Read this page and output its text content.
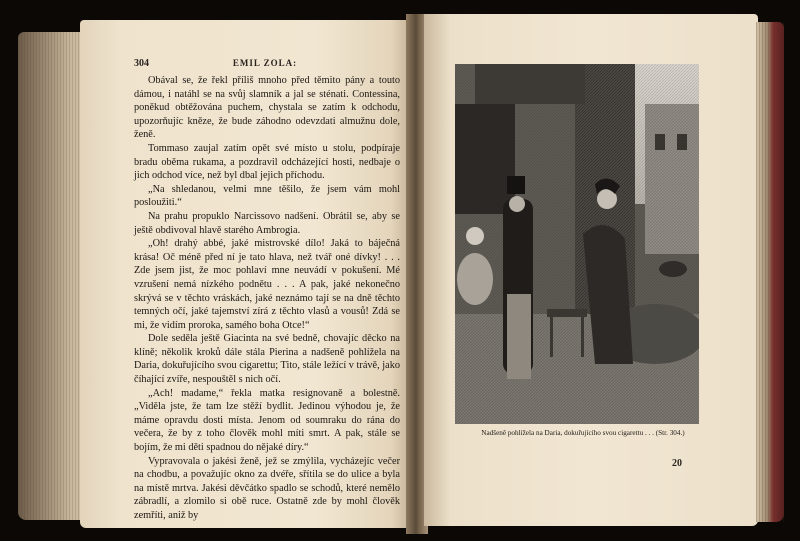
304	EMIL ZOLA:

Obával se, že řekl příliš mnoho před těmito pány a touto dámou, i natáhl se na svůj slamník a jal se sténati. Contessina, poněkud obtěžována puchem, chystala se zatím k odchodu, upozorňujíc kněze, že bude záhodno odevzdati almužnu dole, ženě.

Tommaso zaujal zatím opět své místo u stolu, podpíraje bradu oběma rukama, a pozdravil odcházející hosti, nedbaje o jich odchod více, než byl dbal jejich příchodu.

„Na shledanou, velmi mne těšilo, že jsem vám mohl posloužiti.“

Na prahu propuklo Narcissovo nadšení. Obrátil se, aby se ještě obdivoval hlavě starého Ambrogia.

„Oh! drahý abbé, jaké mistrovské dílo! Jaká to báječná krása! Oč méně před ní je tato hlava, než tvář oné dívky! . . . Zde jsem jist, že moc pohlaví mne neuvádí v pokušení. Mé vzrušení nemá nízkého podnětu . . . A pak, jaké nekonečno skrývá se v těchto vráskách, jaké neznámo tají se na dně těchto temných očí, jaké tajemství zírá z těchto vlasů a vousů! Zdá se mi, že vidím proroka, samého boha Otce!“

Dole seděla ještě Giacinta na své bedně, chovajíc děcko na klíně; několik kroků dále stála Pierina a nadšeně pohlížela na Daria, dokuřujícího svou cigarettu; Tito, stále ležící v trávě, jako číhající zvíře, nespouštěl s nich očí.

„Ach! madame,“ řekla matka resignovaně a bolestně. „Viděla jste, že tam lze stěží bydlit. Jedinou výhodou je, že máme opravdu dosti místa. Jenom od soumraku do rána do večera, že by z toho člověk mohl míti smrt. A pak, stále se bojím, že mi děti spadnou do nějaké díry.“

Vypravovala o jakési ženě, jež se zmýlila, vycházejíc večer na chodbu, a považujíc okno za dvéře, sřítila se do ulice a byla na místě mrtva. Jakési děvčátko spadlo se schodů, které nemělo zábradlí, a zlomilo si obě ruce. Ostatně zde by mohl člověk zemříti, aniž by

Nadšeně pohlížela na Daria, dokuřujícího svou cigarettu . . . (Str. 304.)
20
